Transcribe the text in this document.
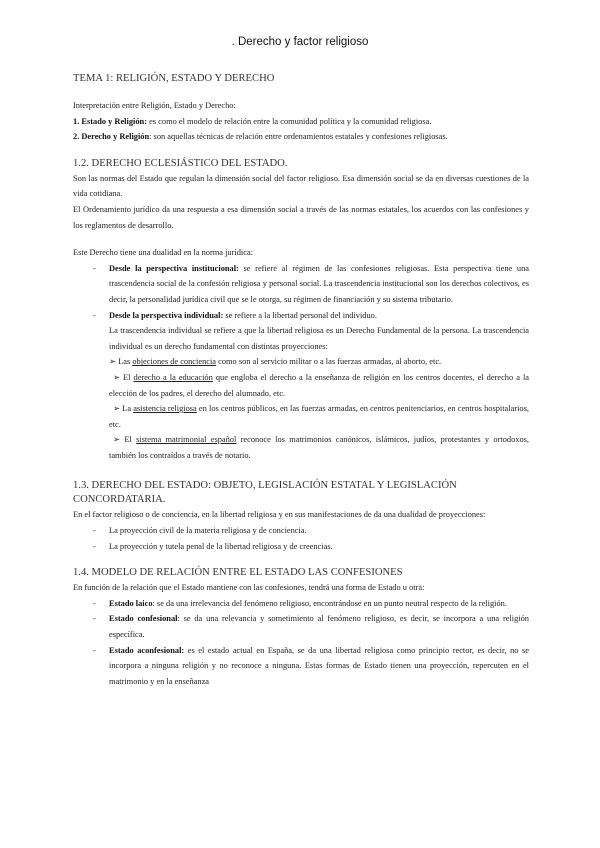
. Derecho y factor religioso

TEMA 1: RELIGIÓN, ESTADO Y DERECHO

Interpretación entre Religión, Estado y Derecho:

1. Estado y Religión: es como el modelo de relación entre la comunidad política y la comunidad religiosa.

2. Derecho y Religión: son aquellas técnicas de relación entre ordenamientos estatales y confesiones religiosas.

1.2. DERECHO ECLESIÁSTICO DEL ESTADO.

Son las normas del Estado que regulan la dimensión social del factor religioso. Esa dimensión social se da en diversas cuestiones de la vida cotidiana.

El Ordenamiento jurídico da una respuesta a esa dimensión social a través de las normas estatales, los acuerdos con las confesiones y los reglamentos de desarrollo.

Este Derecho tiene una dualidad en la norma jurídica:

- Desde la perspectiva institucional: se refiere al régimen de las confesiones religiosas. Esta perspectiva tiene una trascendencia social de la confesión religiosa y personal social. La trascendencia institucional son los derechos colectivos, es decir, la personalidad jurídica civil que se le otorga, su régimen de financiación y su sistema tributario.
- Desde la perspectiva individual: se refiere a la libertad personal del individuo.

La trascendencia individual se refiere a que la libertad religiosa es un Derecho Fundamental de la persona. La trascendencia individual es un derecho fundamental con distintas proyecciones:

➢ Las objeciones de conciencia como son al servicio militar o a las fuerzas armadas, al aborto, etc.

➢ El derecho a la educación que engloba el derecho a la enseñanza de religión en los centros docentes, el derecho a la elección de los padres, el derecho del alumnado, etc.

➢ La asistencia religiosa en los centros públicos, en las fuerzas armadas, en centros penitenciarios, en centros hospitalarios, etc.

➢ El sistema matrimonial español reconoce los matrimonios canónicos, islámicos, judíos, protestantes y ortodoxos, también los contraídos a través de notario.

1.3. DERECHO DEL ESTADO: OBJETO, LEGISLACIÓN ESTATAL Y LEGISLACIÓN CONCORDATARIA.

En el factor religioso o de conciencia, en la libertad religiosa y en sus manifestaciones de da una dualidad de proyecciones:

- La proyección civil de la materia religiosa y de conciencia.
- La proyección y tutela penal de la libertad religiosa y de creencias.

1.4. MODELO DE RELACIÓN ENTRE EL ESTADO LAS CONFESIONES

En función de la relación que el Estado mantiene con las confesiones, tendrá una forma de Estado u otra:

- Estado laico: se da una irrelevancia del fenómeno religioso, encontrándose en un punto neutral respecto de la religión.
- Estado confesional: se da una relevancia y sometimiento al fenómeno religioso, es decir, se incorpora a una religión específica.
- Estado aconfesional: es el estado actual en España, se da una libertad religiosa como principio rector, es decir, no se incorpora a ninguna religión y no reconoce a ninguna. Estas formas de Estado tienen una proyección, repercuten en el matrimonio y en la enseñanza
